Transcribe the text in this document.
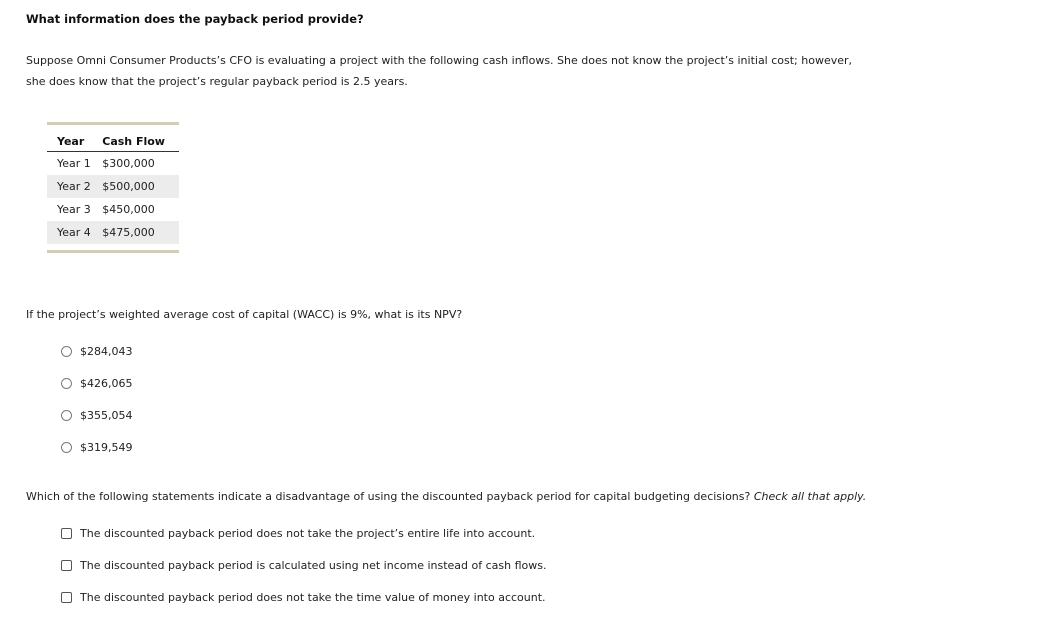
What information does the payback period provide?
Suppose Omni Consumer Products’s CFO is evaluating a project with the following cash inflows. She does not know the project’s initial cost; however,
she does know that the project’s regular payback period is 2.5 years.
Year	Cash Flow
Year 1	$300,000
Year 2	$500,000
Year 3	$450,000
Year 4	$475,000
If the project’s weighted average cost of capital (WACC) is 9%, what is its NPV?
$284,043
$426,065
$355,054
$319,549
Which of the following statements indicate a disadvantage of using the discounted payback period for capital budgeting decisions? Check all that apply.
The discounted payback period does not take the project’s entire life into account.
The discounted payback period is calculated using net income instead of cash flows.
The discounted payback period does not take the time value of money into account.
